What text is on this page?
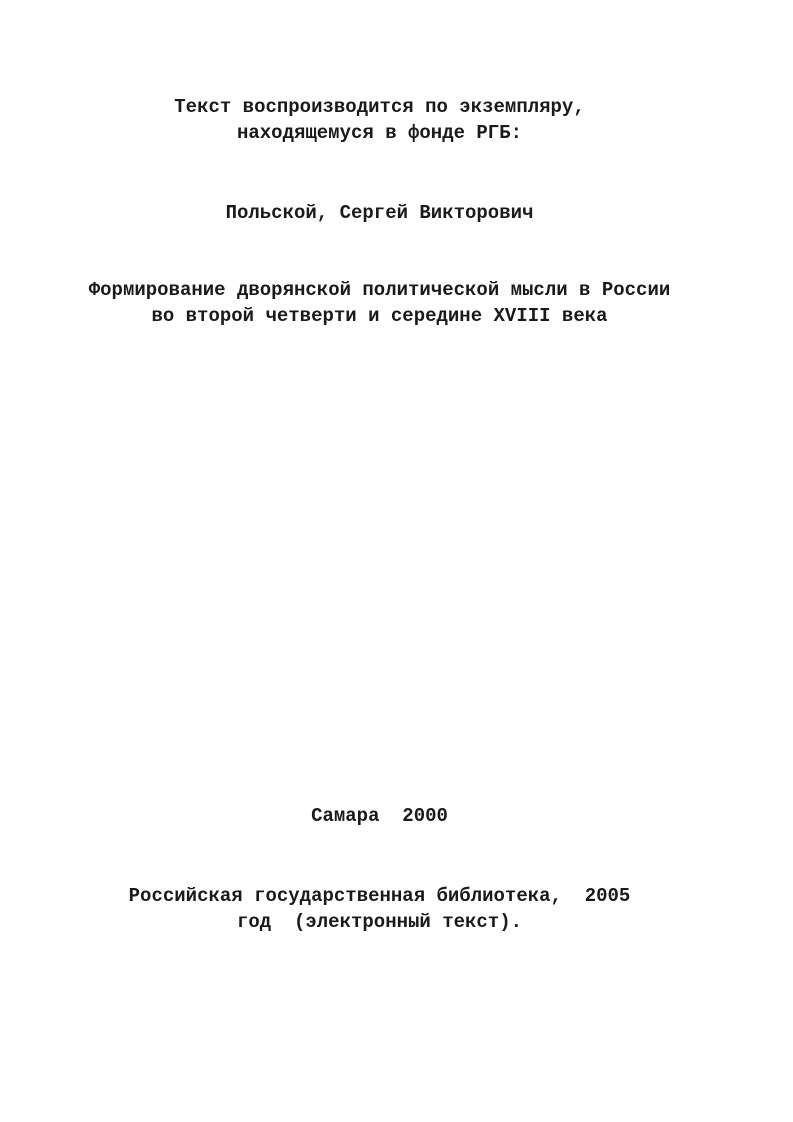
Текст воспроизводится по экземпляру,
находящемуся в фонде РГБ:
Польской, Сергей Викторович
Формирование дворянской политической мысли в России
во второй четверти и середине XVIII века
Самара  2000
Российская государственная библиотека,  2005
год  (электронный текст).
